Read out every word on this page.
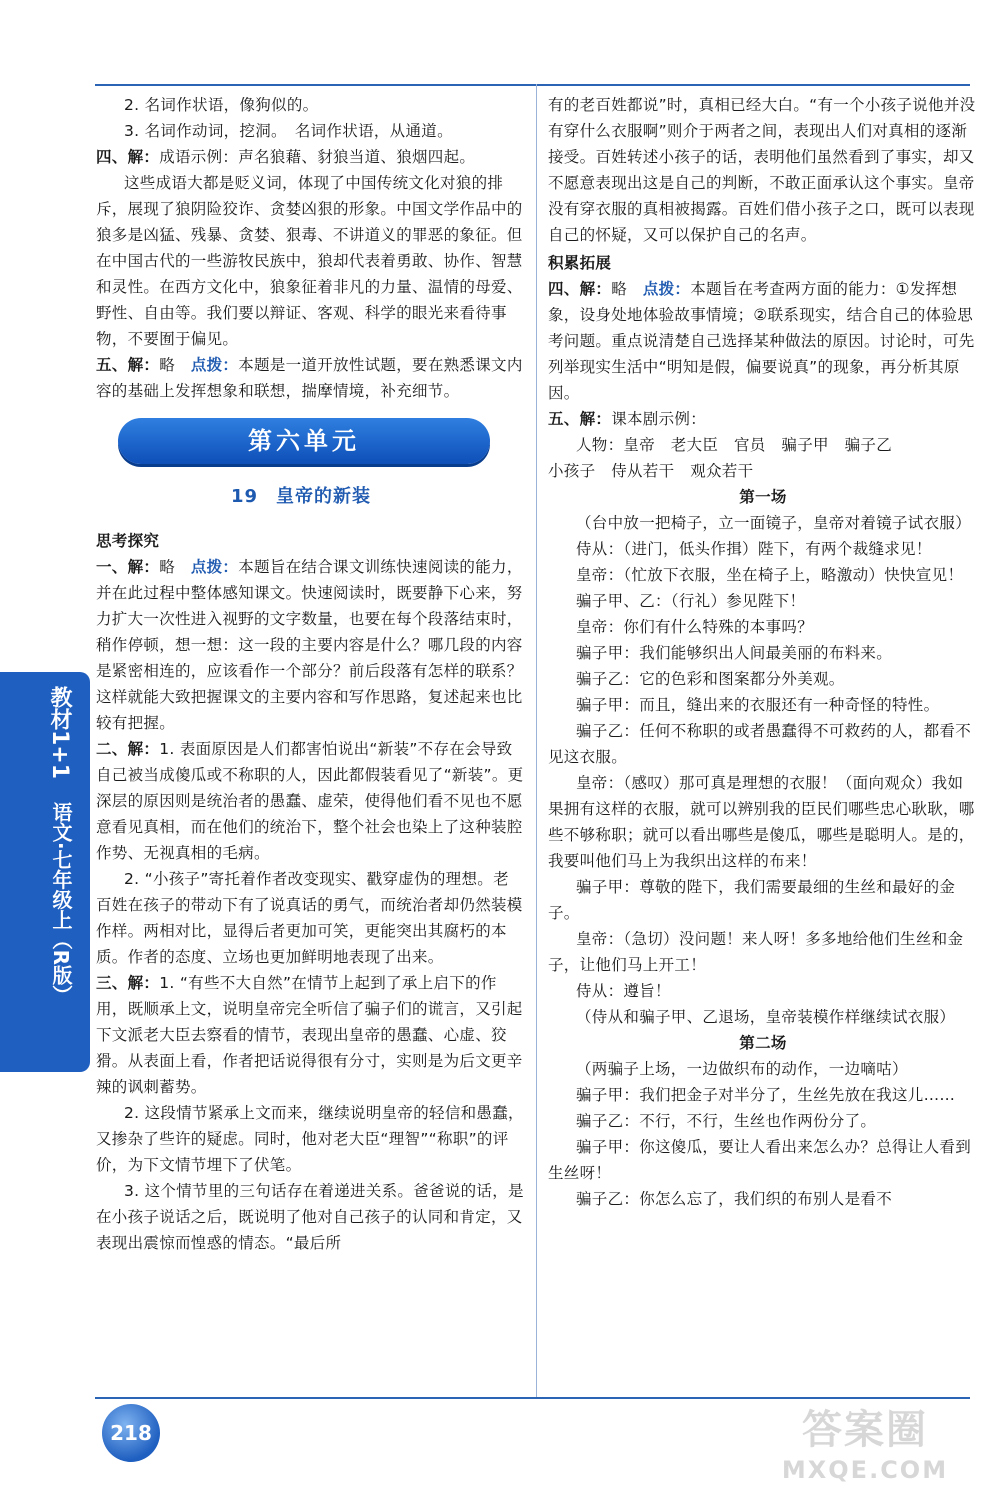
2. 名词作状语，像狗似的。

3. 名词作动词，挖洞。　名词作状语，从通道。

四、解：成语示例：声名狼藉、豺狼当道、狼烟四起。

这些成语大都是贬义词，体现了中国传统文化对狼的排斥，展现了狼阴险狡诈、贪婪凶狠的形象。中国文学作品中的狼多是凶猛、残暴、贪婪、狠毒、不讲道义的罪恶的象征。但在中国古代的一些游牧民族中，狼却代表着勇敢、协作、智慧和灵性。在西方文化中，狼象征着非凡的力量、温情的母爱、野性、自由等。我们要以辩证、客观、科学的眼光来看待事物，不要囿于偏见。

五、解：略　 点拨：本题是一道开放性试题，要在熟悉课文内容的基础上发挥想象和联想，揣摩情境，补充细节。

第六单元
19 皇帝的新装

思考探究

一、解：略　 点拨：本题旨在结合课文训练快速阅读的能力，并在此过程中整体感知课文。快速阅读时，既要静下心来，努力扩大一次性进入视野的文字数量，也要在每个段落结束时，稍作停顿，想一想：这一段的主要内容是什么？哪几段的内容是紧密相连的，应该看作一个部分？前后段落有怎样的联系？这样就能大致把握课文的主要内容和写作思路，复述起来也比较有把握。

二、解：1. 表面原因是人们都害怕说出“新装”不存在会导致自己被当成傻瓜或不称职的人，因此都假装看见了“新装”。更深层的原因则是统治者的愚蠢、虚荣，使得他们看不见也不愿意看见真相，而在他们的统治下，整个社会也染上了这种装腔作势、无视真相的毛病。

2. “小孩子”寄托着作者改变现实、戳穿虚伪的理想。老百姓在孩子的带动下有了说真话的勇气，而统治者却仍然装模作样。两相对比，显得后者更加可笑，更能突出其腐朽的本质。作者的态度、立场也更加鲜明地表现了出来。

三、解：1. “有些不大自然”在情节上起到了承上启下的作用，既顺承上文，说明皇帝完全听信了骗子们的谎言，又引起下文派老大臣去察看的情节，表现出皇帝的愚蠢、心虚、狡猾。从表面上看，作者把话说得很有分寸，实则是为后文更辛辣的讽刺蓄势。

2. 这段情节紧承上文而来，继续说明皇帝的轻信和愚蠢，又掺杂了些许的疑虑。同时，他对老大臣“理智”“称职”的评价，为下文情节埋下了伏笔。

3. 这个情节里的三句话存在着递进关系。爸爸说的话，是在小孩子说话之后，既说明了他对自己孩子的认同和肯定，又表现出震惊而惶惑的情态。“最后所

有的老百姓都说”时，真相已经大白。“有一个小孩子说他并没有穿什么衣服啊”则介于两者之间，表现出人们对真相的逐渐接受。百姓转述小孩子的话，表明他们虽然看到了事实，却又不愿意表现出这是自己的判断，不敢正面承认这个事实。皇帝没有穿衣服的真相被揭露。百姓们借小孩子之口，既可以表现自己的怀疑，又可以保护自己的名声。

积累拓展

四、解：略　 点拨：本题旨在考查两方面的能力：①发挥想象，设身处地体验故事情境；②联系现实，结合自己的体验思考问题。重点说清楚自己选择某种做法的原因。讨论时，可先列举现实生活中“明知是假，偏要说真”的现象，再分析其原因。

五、解：课本剧示例：

人物：皇帝　老大臣　官员　骗子甲　骗子乙

小孩子　侍从若干　观众若干

第一场

（台中放一把椅子，立一面镜子，皇帝对着镜子试衣服）

侍从：（进门，低头作揖）陛下，有两个裁缝求见！

皇帝：（忙放下衣服，坐在椅子上，略激动）快快宣见！

骗子甲、乙：（行礼）参见陛下！

皇帝：你们有什么特殊的本事吗？

骗子甲：我们能够织出人间最美丽的布料来。

骗子乙：它的色彩和图案都分外美观。

骗子甲：而且，缝出来的衣服还有一种奇怪的特性。

骗子乙：任何不称职的或者愚蠢得不可救药的人，都看不见这衣服。

皇帝：（感叹）那可真是理想的衣服！（面向观众）我如果拥有这样的衣服，就可以辨别我的臣民们哪些忠心耿耿，哪些不够称职；就可以看出哪些是傻瓜，哪些是聪明人。是的，我要叫他们马上为我织出这样的布来！

骗子甲：尊敬的陛下，我们需要最细的生丝和最好的金子。

皇帝：（急切）没问题！来人呀！多多地给他们生丝和金子，让他们马上开工！

侍从：遵旨！

（侍从和骗子甲、乙退场，皇帝装模作样继续试衣服）

第二场

（两骗子上场，一边做织布的动作，一边嘀咕）

骗子甲：我们把金子对半分了，生丝先放在我这儿……

骗子乙：不行，不行，生丝也作两份分了。

骗子甲：你这傻瓜，要让人看出来怎么办？总得让人看到生丝呀！

骗子乙：你怎么忘了，我们织的布别人是看不

教材1+1
语文·七年级上（R版）
218	答案圈
MXQE.COM
